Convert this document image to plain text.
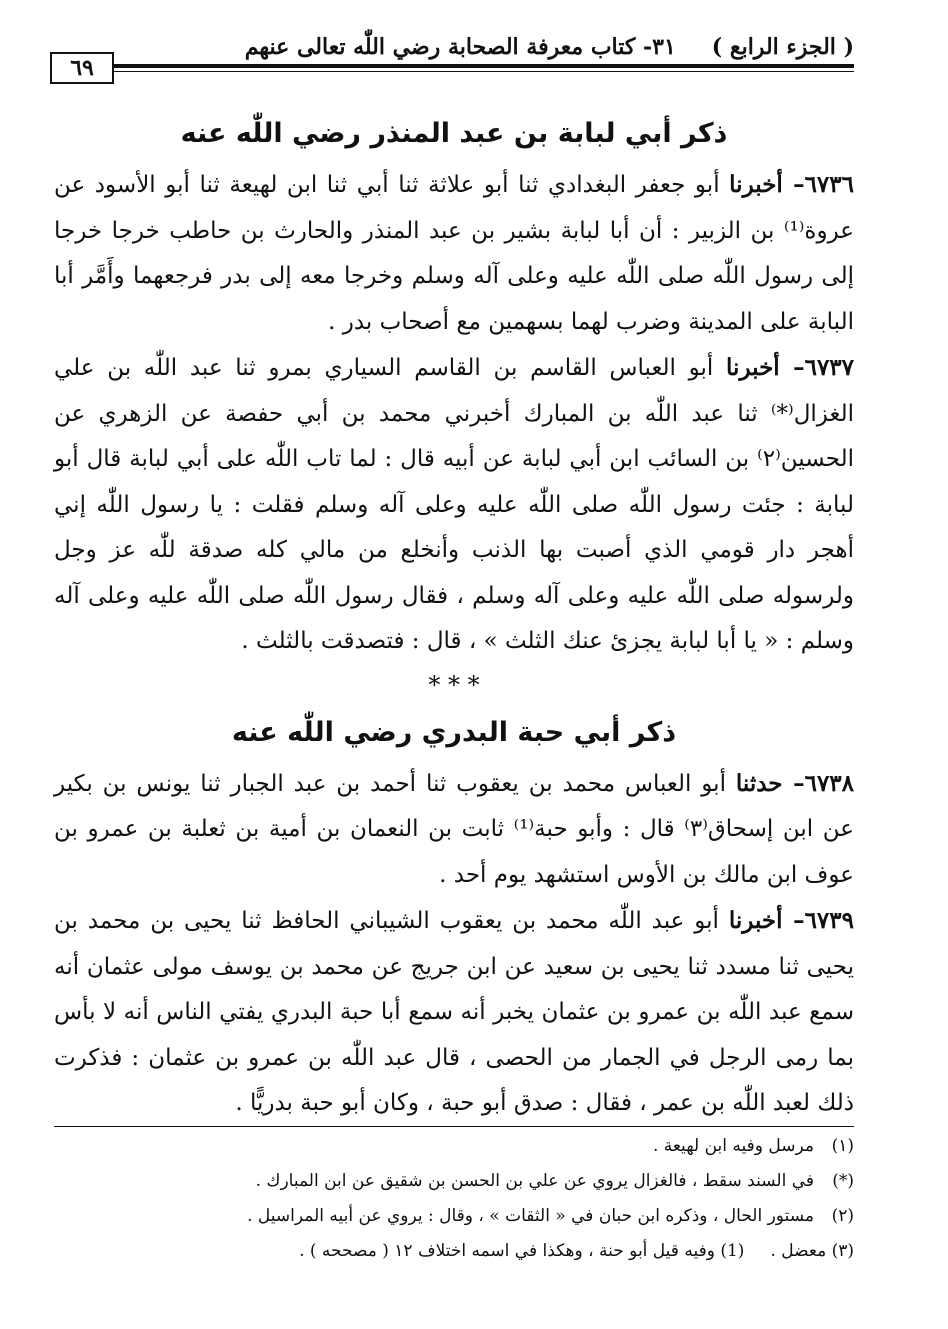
( الجزء الرابع )
٣١- كتاب معرفة الصحابة رضي اللّٰه تعالى عنهم
٦٩
ذكر أبي لبابة بن عبد المنذر رضي اللّٰه عنه

٦٧٣٦– أخبرنا أبو جعفر البغدادي ثنا أبو علاثة ثنا أبي ثنا ابن لهيعة ثنا أبو الأسود عن عروة⁽¹⁾ بن الزبير : أن أبا لبابة بشير بن عبد المنذر والحارث بن حاطب خرجا خرجا إلى رسول اللّٰه صلى اللّٰه عليه وعلى آله وسلم وخرجا معه إلى بدر فرجعهما وأَمَّر أبا البابة على المدينة وضرب لهما بسهمين مع أصحاب بدر .

٦٧٣٧– أخبرنا أبو العباس القاسم بن القاسم السياري بمرو ثنا عبد اللّٰه بن علي الغزال⁽*⁾ ثنا عبد اللّٰه بن المبارك أخبرني محمد بن أبي حفصة عن الزهري عن الحسين⁽٢⁾ بن السائب ابن أبي لبابة عن أبيه قال : لما تاب اللّٰه على أبي لبابة قال أبو لبابة : جئت رسول اللّٰه صلى اللّٰه عليه وعلى آله وسلم فقلت : يا رسول اللّٰه إني أهجر دار قومي الذي أصبت بها الذنب وأنخلع من مالي كله صدقة للّٰه عز وجل ولرسوله صلى اللّٰه عليه وعلى آله وسلم ، فقال رسول اللّٰه صلى اللّٰه عليه وعلى آله وسلم : « يا أبا لبابة يجزئ عنك الثلث » ، قال : فتصدقت بالثلث .

* * *
ذكر أبي حبة البدري رضي اللّٰه عنه

٦٧٣٨– حدثنا أبو العباس محمد بن يعقوب ثنا أحمد بن عبد الجبار ثنا يونس بن بكير عن ابن إسحاق⁽٣⁾ قال : وأبو حبة⁽¹⁾ ثابت بن النعمان بن أمية بن ثعلبة بن عمرو بن عوف ابن مالك بن الأوس استشهد يوم أحد .

٦٧٣٩– أخبرنا أبو عبد اللّٰه محمد بن يعقوب الشيباني الحافظ ثنا يحيى بن محمد بن يحيى ثنا مسدد ثنا يحيى بن سعيد عن ابن جريج عن محمد بن يوسف مولى عثمان أنه سمع عبد اللّٰه بن عمرو بن عثمان يخبر أنه سمع أبا حبة البدري يفتي الناس أنه لا بأس بما رمى الرجل في الجمار من الحصى ، قال عبد اللّٰه بن عمرو بن عثمان : فذكرت ذلك لعبد اللّٰه بن عمر ، فقال : صدق أبو حبة ، وكان أبو حبة بدريًّا .

(١)
مرسل وفيه ابن لهيعة .
(*)
في السند سقط ، فالغزال يروي عن علي بن الحسن بن شقيق عن ابن المبارك .
(٢)
مستور الحال ، وذكره ابن حبان في « الثقات » ، وقال : يروي عن أبيه المراسيل .
(٣) معضل .
(1) وفيه قيل أبو حنة ، وهكذا في اسمه اختلاف ١٢ ( مصححه ) .
